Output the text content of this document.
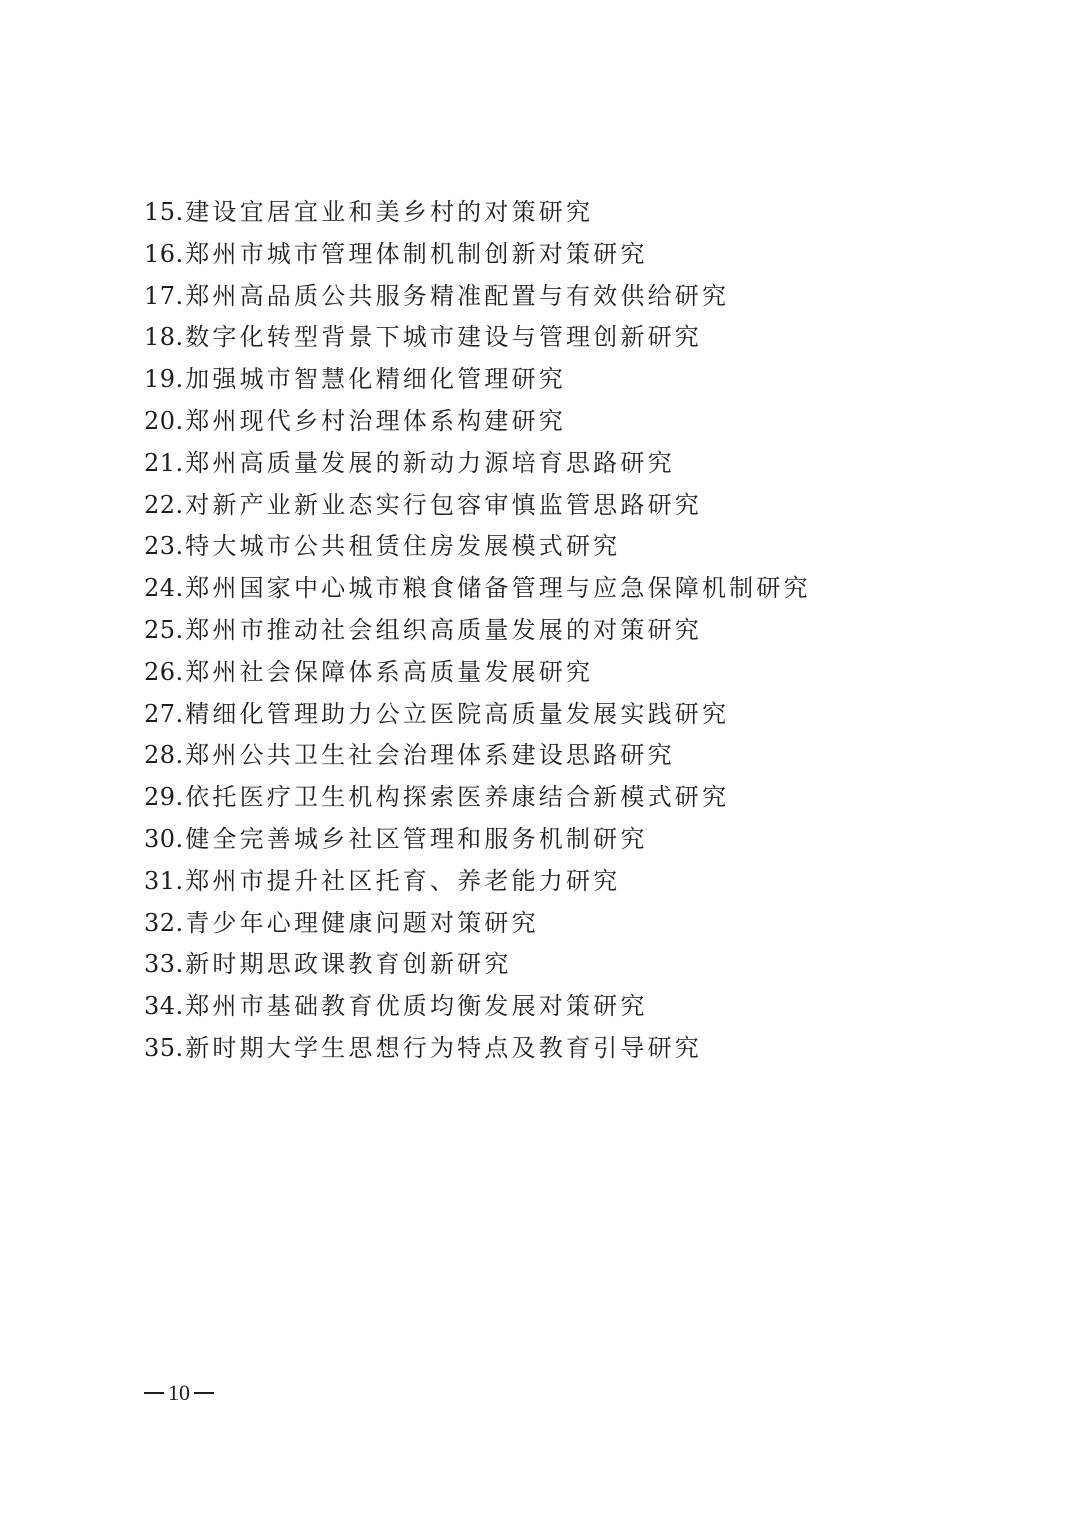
15 . 建设宜居宜业和美乡村的对策研究
16 . 郑州市城市管理体制机制创新对策研究
17 . 郑州高品质公共服务精准配置与有效供给研究
18 . 数字化转型背景下城市建设与管理创新研究
19 . 加强城市智慧化精细化管理研究
20 . 郑州现代乡村治理体系构建研究
21 . 郑州高质量发展的新动力源培育思路研究
22 . 对新产业新业态实行包容审慎监管思路研究
23 . 特大城市公共租赁住房发展模式研究
24 . 郑州国家中心城市粮食储备管理与应急保障机制研究
25 . 郑州市推动社会组织高质量发展的对策研究
26 . 郑州社会保障体系高质量发展研究
27 . 精细化管理助力公立医院高质量发展实践研究
28 . 郑州公共卫生社会治理体系建设思路研究
29 . 依托医疗卫生机构探索医养康结合新模式研究
30 . 健全完善城乡社区管理和服务机制研究
31 . 郑州市提升社区托育、养老能力研究
32 . 青少年心理健康问题对策研究
33 . 新时期思政课教育创新研究
34 . 郑州市基础教育优质均衡发展对策研究
35 . 新时期大学生思想行为特点及教育引导研究
10
